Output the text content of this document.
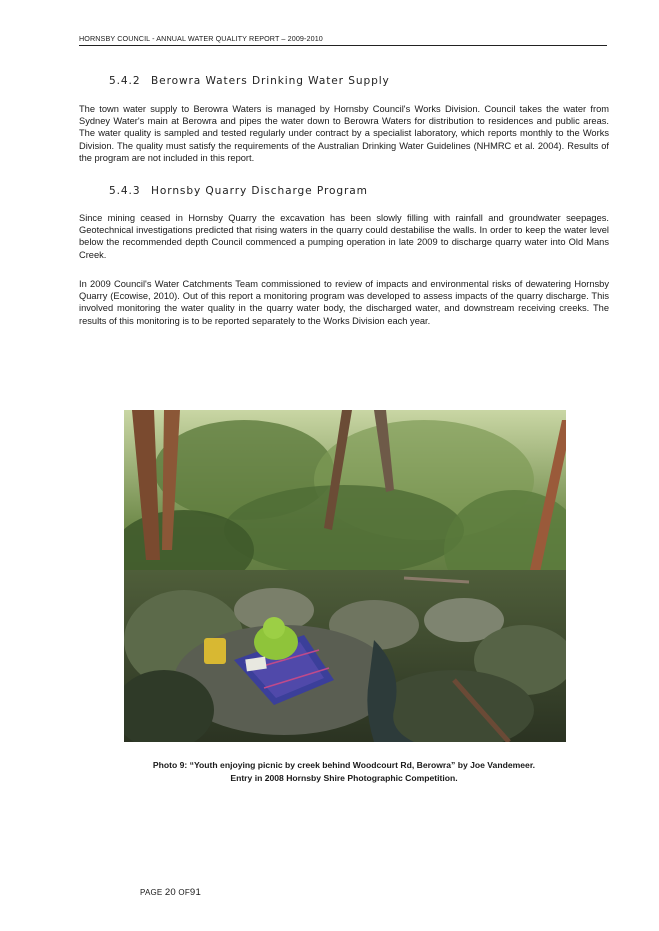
HORNSBY COUNCIL - ANNUAL WATER QUALITY REPORT – 2009-2010
5.4.2 Berowra Waters Drinking Water Supply

The town water supply to Berowra Waters is managed by Hornsby Council's Works Division. Council takes the water from Sydney Water's main at Berowra and pipes the water down to Berowra Waters for distribution to residences and public areas. The water quality is sampled and tested regularly under contract by a specialist laboratory, which reports monthly to the Works Division. The quality must satisfy the requirements of the Australian Drinking Water Guidelines (NHMRC et al. 2004). Results of the program are not included in this report.

5.4.3 Hornsby Quarry Discharge Program

Since mining ceased in Hornsby Quarry the excavation has been slowly filling with rainfall and groundwater seepages. Geotechnical investigations predicted that rising waters in the quarry could destabilise the walls. In order to keep the water level below the recommended depth Council commenced a pumping operation in late 2009 to discharge quarry water into Old Mans Creek.

In 2009 Council's Water Catchments Team commissioned to review of impacts and environmental risks of dewatering Hornsby Quarry (Ecowise, 2010). Out of this report a monitoring program was developed to assess impacts of the quarry discharge. This involved monitoring the water quality in the quarry water body, the discharged water, and downstream receiving creeks. The results of this monitoring is to be reported separately to the Works Division each year.

Photo 9: “Youth enjoying picnic by creek behind Woodcourt Rd, Berowra” by Joe Vandemeer.
Entry in 2008 Hornsby Shire Photographic Competition.
PAGE 20 OF91
